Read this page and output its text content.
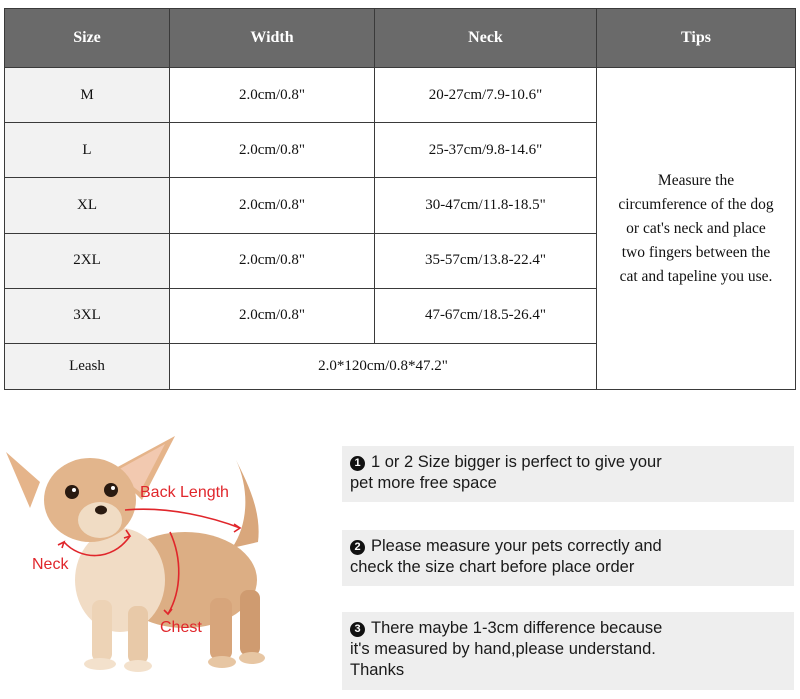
Size	Width	Neck	Tips
M	2.0cm/0.8"	20-27cm/7.9-10.6"	Measure the
circumference of the dog
or cat's neck and place
two fingers between the
cat and tapeline you use.
L	2.0cm/0.8"	25-37cm/9.8-14.6"	
XL	2.0cm/0.8"	30-47cm/11.8-18.5"	
2XL	2.0cm/0.8"	35-57cm/13.8-22.4"	
3XL	2.0cm/0.8"	47-67cm/18.5-26.4"	
Leash	2.0*120cm/0.8*47.2"		
Back Length
Neck
Chest
1 1 or 2 Size bigger is perfect to give your
pet more free space
2 Please measure your pets correctly and
check the size chart before place order
3 There maybe 1-3cm difference because
it's measured by hand,please understand.
Thanks
